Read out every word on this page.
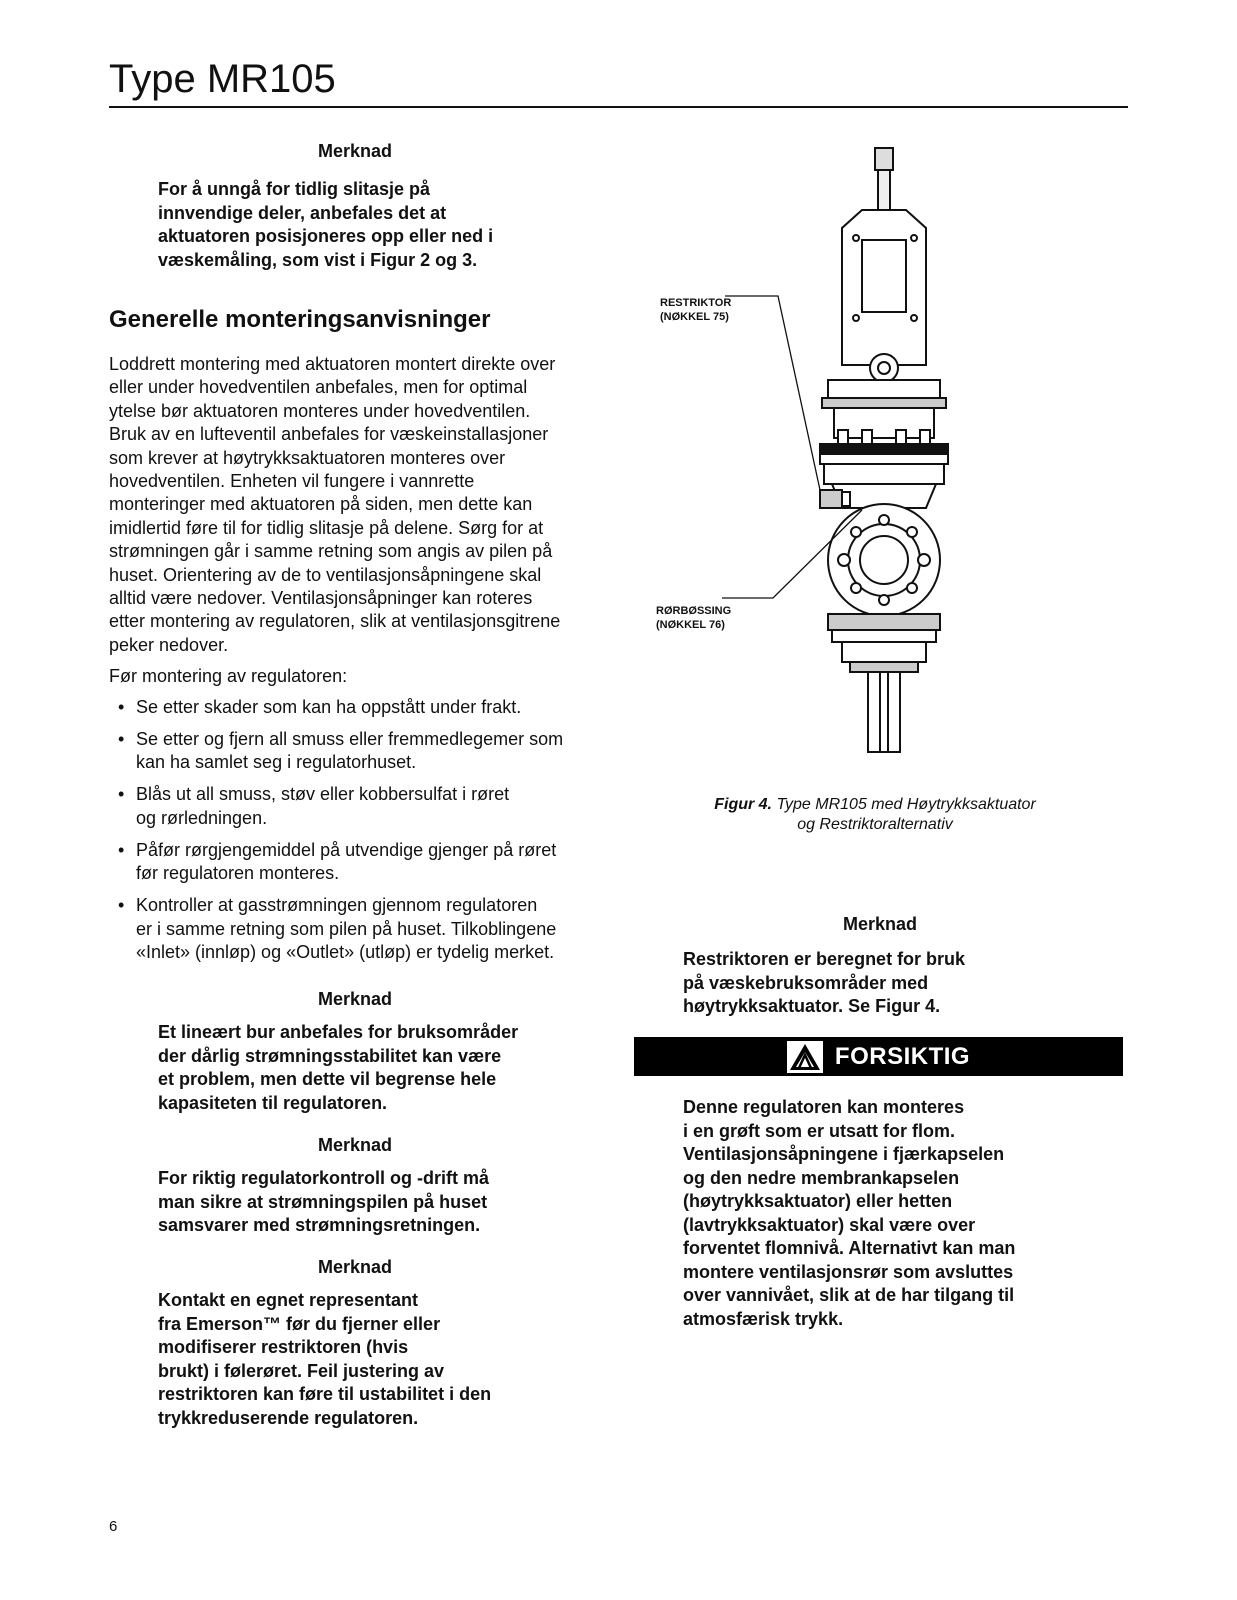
Type MR105
Merknad

For å unngå for tidlig slitasje på
innvendige deler, anbefales det at
aktuatoren posisjoneres opp eller ned i
væskemåling, som vist i Figur 2 og 3.

Generelle monteringsanvisninger

Loddrett montering med aktuatoren montert direkte over
eller under hovedventilen anbefales, men for optimal
ytelse bør aktuatoren monteres under hovedventilen.
Bruk av en lufteventil anbefales for væskeinstallasjoner
som krever at høytrykksaktuatoren monteres over
hovedventilen. Enheten vil fungere i vannrette
monteringer med aktuatoren på siden, men dette kan
imidlertid føre til for tidlig slitasje på delene. Sørg for at
strømningen går i samme retning som angis av pilen på
huset. Orientering av de to ventilasjonsåpningene skal
alltid være nedover. Ventilasjonsåpninger kan roteres
etter montering av regulatoren, slik at ventilasjonsgitrene
peker nedover.

Før montering av regulatoren:

• Se etter skader som kan ha oppstått under frakt.
• Se etter og fjern all smuss eller fremmedlegemer som
kan ha samlet seg i regulatorhuset.
• Blås ut all smuss, støv eller kobbersulfat i røret
og rørledningen.
• Påfør rørgjengemiddel på utvendige gjenger på røret
før regulatoren monteres.
• Kontroller at gasstrømningen gjennom regulatoren
er i samme retning som pilen på huset. Tilkoblingene
«Inlet» (innløp) og «Outlet» (utløp) er tydelig merket.
Merknad

Et lineært bur anbefales for bruksområder
der dårlig strømningsstabilitet kan være
et problem, men dette vil begrense hele
kapasiteten til regulatoren.

Merknad

For riktig regulatorkontroll og -drift må
man sikre at strømningspilen på huset
samsvarer med strømningsretningen.

Merknad

Kontakt en egnet representant
fra Emerson™ før du fjerner eller
modifiserer restriktoren (hvis
brukt) i følerøret. Feil justering av
restriktoren kan føre til ustabilitet i den
trykkreduserende regulatoren.

RESTRIKTOR
(NØKKEL 75)
RØRBØSSING
(NØKKEL 76)
Figur 4. Type MR105 med Høytrykksaktuator
og Restriktoralternativ
Merknad

Restriktoren er beregnet for bruk
på væskebruksområder med
høytrykksaktuator. Se Figur 4.

FORSIKTIG

Denne regulatoren kan monteres
i en grøft som er utsatt for flom.
Ventilasjonsåpningene i fjærkapselen
og den nedre membrankapselen
(høytrykksaktuator) eller hetten
(lavtrykksaktuator) skal være over
forventet flomnivå. Alternativt kan man
montere ventilasjonsrør som avsluttes
over vannivået, slik at de har tilgang til
atmosfærisk trykk.

6
